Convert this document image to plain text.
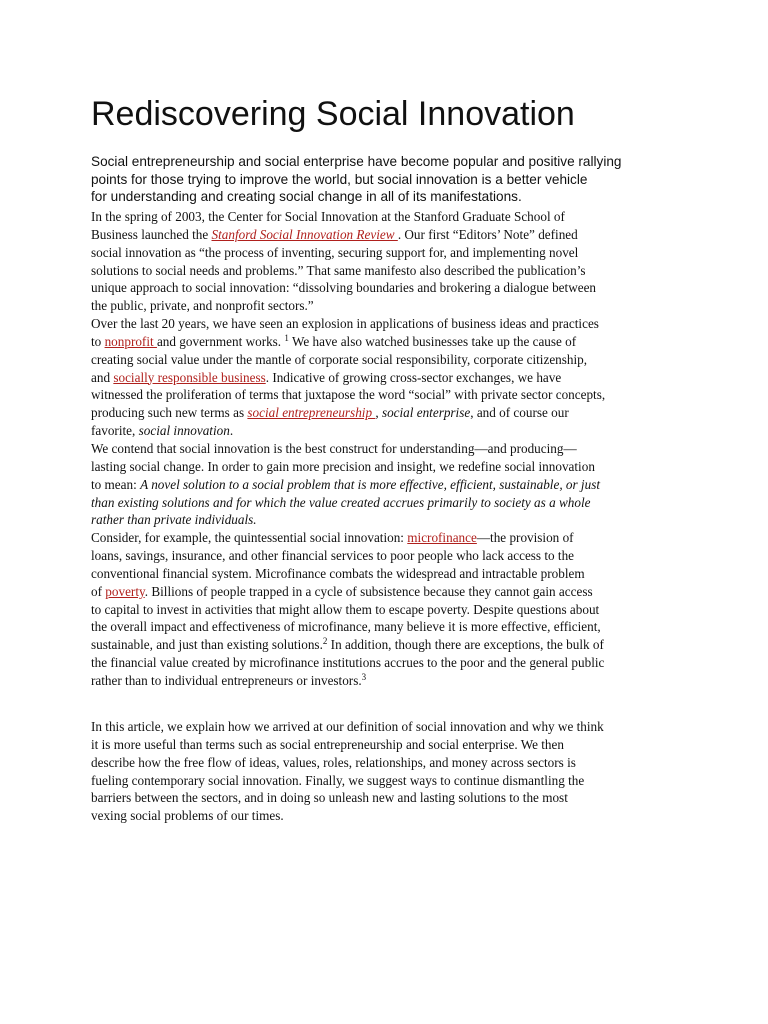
Rediscovering Social Innovation
Social entrepreneurship and social enterprise have become popular and positive rallying
points for those trying to improve the world, but social innovation is a better vehicle
for understanding and creating social change in all of its manifestations.
In the spring of 2003, the Center for Social Innovation at the Stanford Graduate School of
Business launched the Stanford Social Innovation Review . Our first “Editors’ Note” defined
social innovation as “the process of inventing, securing support for, and implementing novel
solutions to social needs and problems.” That same manifesto also described the publication’s
unique approach to social innovation: “dissolving boundaries and brokering a dialogue between
the public, private, and nonprofit sectors.”
Over the last 20 years, we have seen an explosion in applications of business ideas and practices
to nonprofit and government works. $^1$ We have also watched businesses take up the cause of
creating social value under the mantle of corporate social responsibility, corporate citizenship,
and socially responsible business. Indicative of growing cross-sector exchanges, we have
witnessed the proliferation of terms that juxtapose the word “social” with private sector concepts,
producing such new terms as social entrepreneurship , social enterprise, and of course our
favorite, social innovation.
We contend that social innovation is the best construct for understanding—and producing—
lasting social change. In order to gain more precision and insight, we redefine social innovation
to mean: A novel solution to a social problem that is more effective, efficient, sustainable, or just
than existing solutions and for which the value created accrues primarily to society as a whole
rather than private individuals.
Consider, for example, the quintessential social innovation: microfinance—the provision of
loans, savings, insurance, and other financial services to poor people who lack access to the
conventional financial system. Microfinance combats the widespread and intractable problem
of poverty. Billions of people trapped in a cycle of subsistence because they cannot gain access
to capital to invest in activities that might allow them to escape poverty. Despite questions about
the overall impact and effectiveness of microfinance, many believe it is more effective, efficient,
sustainable, and just than existing solutions.$^2$ In addition, though there are exceptions, the bulk of
the financial value created by microfinance institutions accrues to the poor and the general public
rather than to individual entrepreneurs or investors.$^3$
In this article, we explain how we arrived at our definition of social innovation and why we think
it is more useful than terms such as social entrepreneurship and social enterprise. We then
describe how the free flow of ideas, values, roles, relationships, and money across sectors is
fueling contemporary social innovation. Finally, we suggest ways to continue dismantling the
barriers between the sectors, and in doing so unleash new and lasting solutions to the most
vexing social problems of our times.
